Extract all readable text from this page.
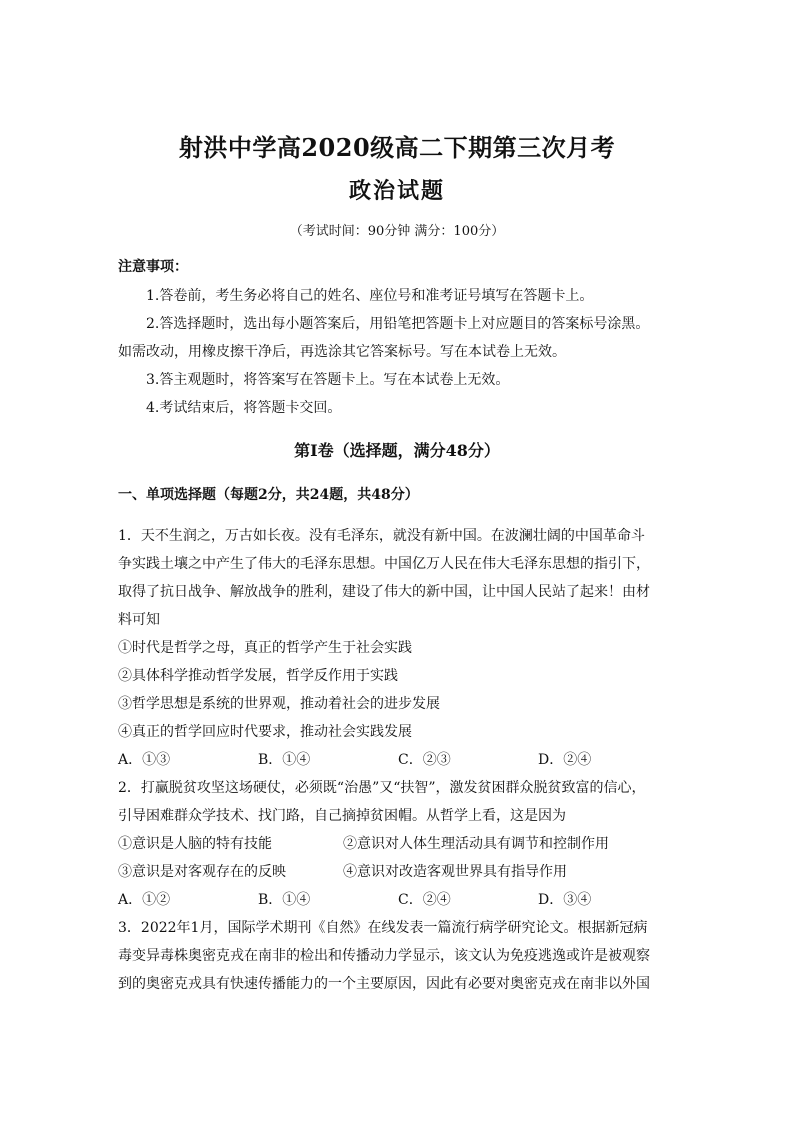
射洪中学高2020级高二下期第三次月考
政治试题
（考试时间：90分钟 满分：100分）
注意事项：

1.答卷前，考生务必将自己的姓名、座位号和准考证号填写在答题卡上。

2.答选择题时，选出每小题答案后，用铅笔把答题卡上对应题目的答案标号涂黑。

如需改动，用橡皮擦干净后，再选涂其它答案标号。写在本试卷上无效。

3.答主观题时，将答案写在答题卡上。写在本试卷上无效。

4.考试结束后，将答题卡交回。

第Ⅰ卷（选择题，满分48分）
一、单项选择题（每题2分，共24题，共48分）

1．天不生润之，万古如长夜。没有毛泽东，就没有新中国。在波澜壮阔的中国革命斗

争实践土壤之中产生了伟大的毛泽东思想。中国亿万人民在伟大毛泽东思想的指引下，

取得了抗日战争、解放战争的胜利，建设了伟大的新中国，让中国人民站了起来！由材

料可知

①时代是哲学之母，真正的哲学产生于社会实践

②具体科学推动哲学发展，哲学反作用于实践

③哲学思想是系统的世界观，推动着社会的进步发展

④真正的哲学回应时代要求，推动社会实践发展

A．①③	B．①④	C．②③	D．②④

2．打赢脱贫攻坚这场硬仗，必须既“治愚”又“扶智”，激发贫困群众脱贫致富的信心，

引导困难群众学技术、找门路，自己摘掉贫困帽。从哲学上看，这是因为

①意识是人脑的特有技能	②意识对人体生理活动具有调节和控制作用

③意识是对客观存在的反映	④意识对改造客观世界具有指导作用

A．①②	B．①④	C．②④	D．③④

3．2022年1月，国际学术期刊《自然》在线发表一篇流行病学研究论文。根据新冠病

毒变异毒株奥密克戎在南非的检出和传播动力学显示，该文认为免疫逃逸或许是被观察

到的奥密克戎具有快速传播能力的一个主要原因，因此有必要对奥密克戎在南非以外国
